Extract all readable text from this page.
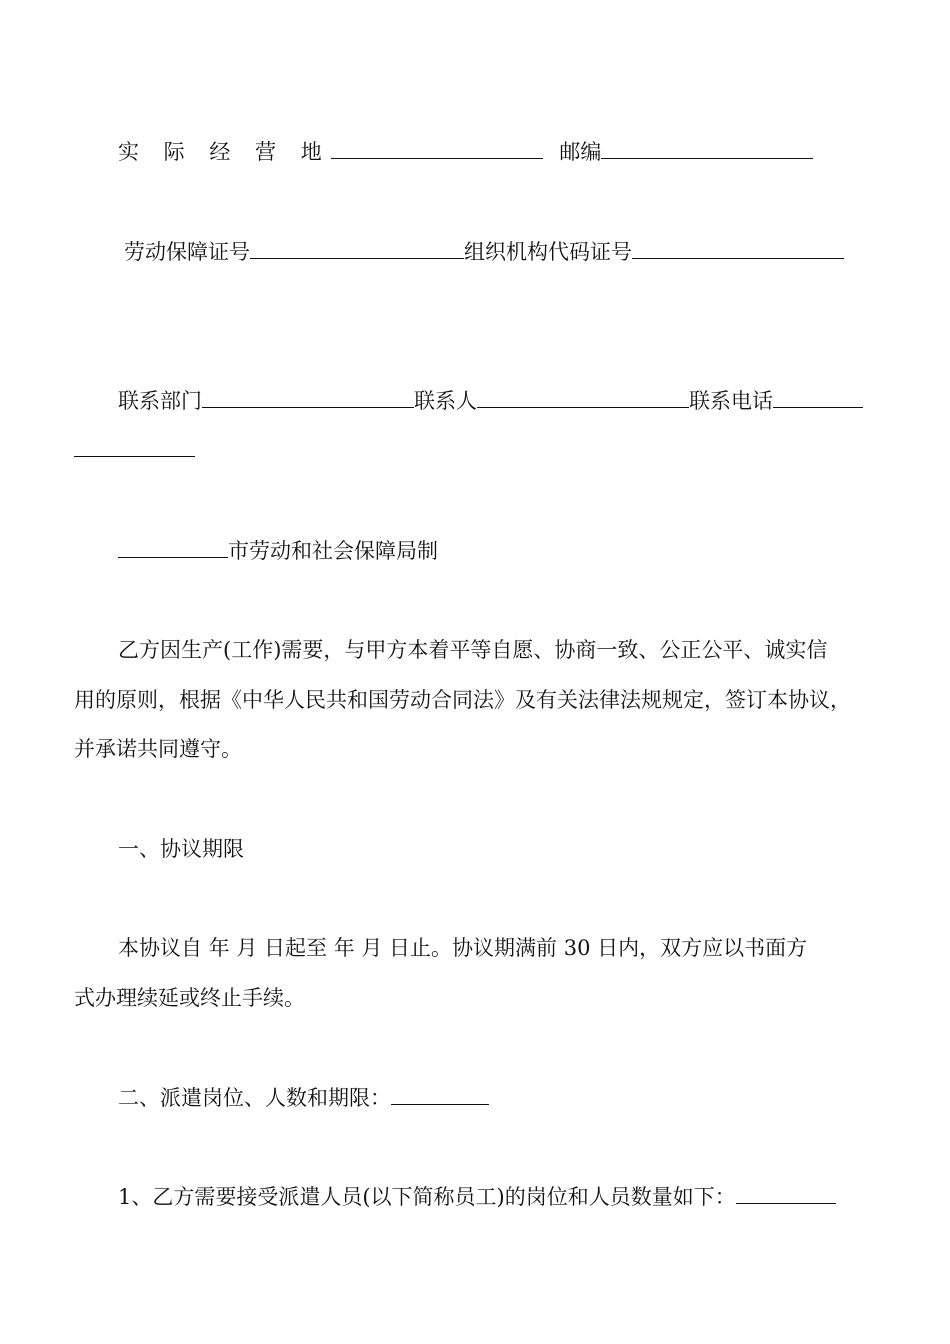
实 际 经 营 地	邮编
劳动保障证号	组织机构代码证号
联系部门	联系人	联系电话
市劳动和社会保障局制
乙方因生产(工作)需要，与甲方本着平等自愿、协商一致、公正公平、诚实信
用的原则，根据《中华人民共和国劳动合同法》及有关法律法规规定，签订本协议，
并承诺共同遵守。
一、协议期限
本协议自 年 月 日起至 年 月 日止。协议期满前 30 日内，双方应以书面方
式办理续延或终止手续。
二、派遣岗位、人数和期限：
1、乙方需要接受派遣人员(以下简称员工)的岗位和人员数量如下：
